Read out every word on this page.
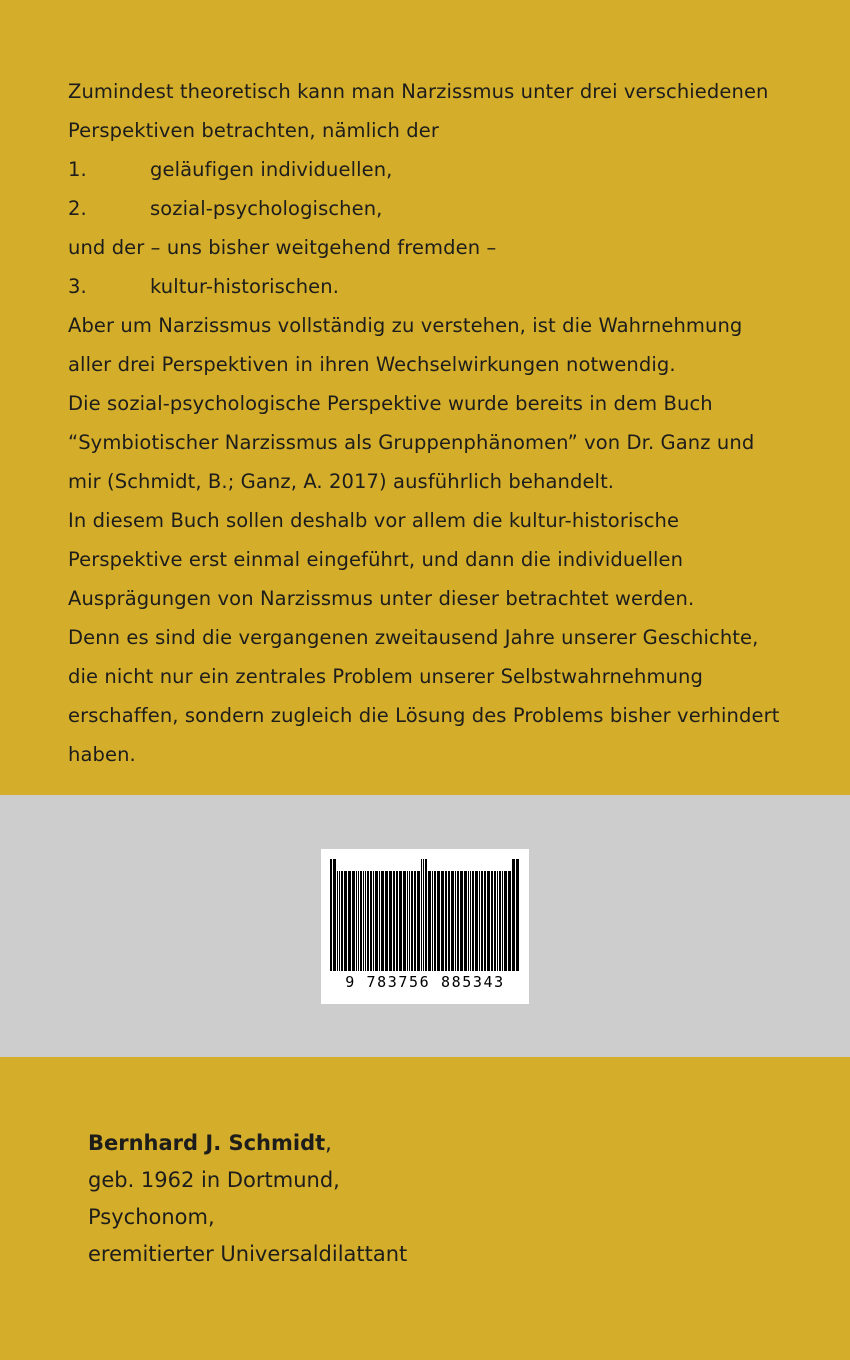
Zumindest theoretisch kann man Narzissmus unter drei verschiedenen

Perspektiven betrachten, nämlich der

1.	geläufigen individuellen,

2.	sozial-psychologischen,

und der – uns bisher weitgehend fremden –

3.	kultur-historischen.

Aber um Narzissmus vollständig zu verstehen, ist die Wahrnehmung aller drei Perspektiven in ihren Wechselwirkungen notwendig.

Die sozial-psychologische Perspektive wurde bereits in dem Buch “Symbiotischer Narzissmus als Gruppenphänomen” von Dr. Ganz und mir (Schmidt, B.; Ganz, A. 2017) ausführlich behandelt.

In diesem Buch sollen deshalb vor allem die kultur-historische Perspektive erst einmal eingeführt, und dann die individuellen Ausprägungen von Narzissmus unter dieser betrachtet werden.

Denn es sind die vergangenen zweitausend Jahre unserer Geschichte, die nicht nur ein zentrales Problem unserer Selbstwahrnehmung erschaffen, sondern zugleich die Lösung des Problems bisher verhindert haben.

9 783756 885343
Bernhard J. Schmidt,
geb. 1962 in Dortmund,
Psychonom,
eremitierter Universaldilattant
